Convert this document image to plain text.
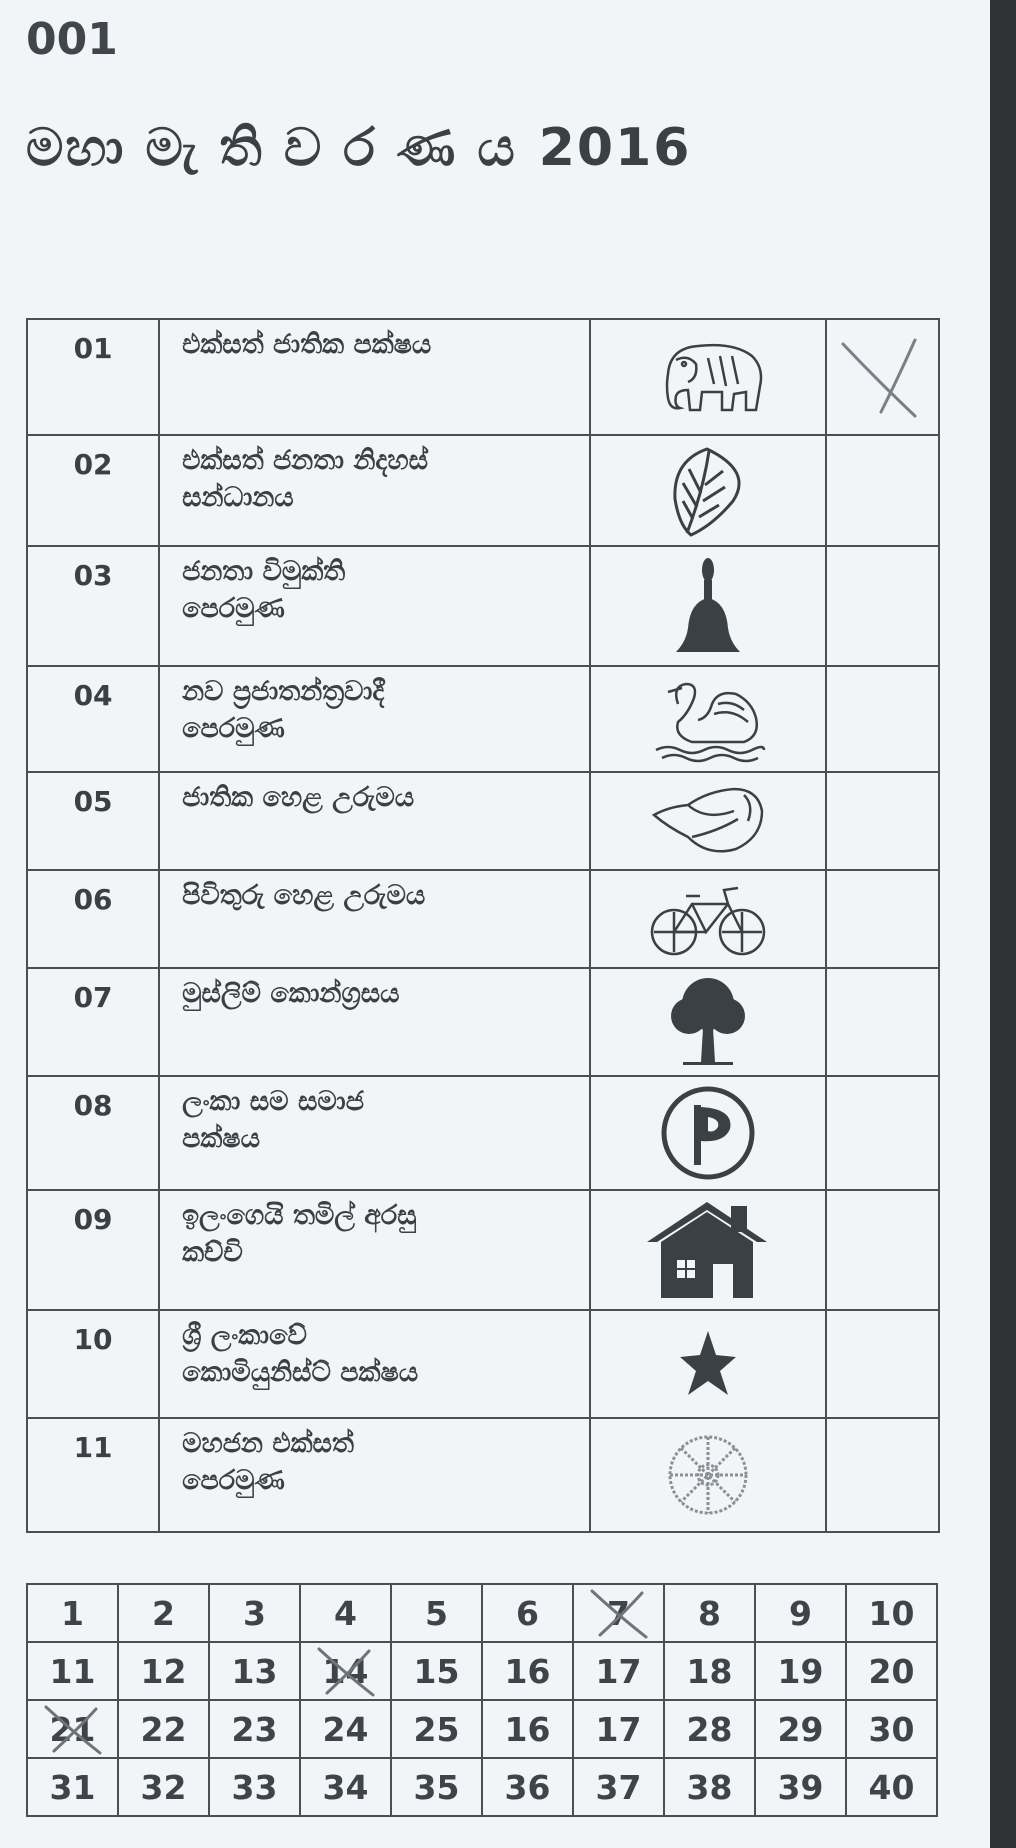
001
මහා මැ ති ව ර ණ ය 2016
01	එක්සත් ජාතික පක්ෂය	

02	එක්සත් ජනතා නිදහස්
සන්ධානය	

03	ජනතා විමුක්ති
පෙරමුණ	

04	නව ප්‍රජාතන්ත්‍රවාදී
පෙරමුණ	

05	ජාතික හෙළ උරුමය	

06	පිවිතුරු හෙළ උරුමය	

07	මුස්ලිම් කොන්ග්‍රසය	

08	ලංකා සම සමාජ
පක්ෂය	

09	ඉලංගෙයි තමිල් අරසු
කච්චි	

10	ශ්‍රී ලංකාවේ
කොමියුනිස්ට් පක්ෂය	

11	මහජන එක්සත්
පෙරමුණ	

1	2	3	4	5	6	7	8	9	10
11	12	13	14	15	16	17	18	19	20
21	22	23	24	25	16	17	28	29	30
31	32	33	34	35	36	37	38	39	40
